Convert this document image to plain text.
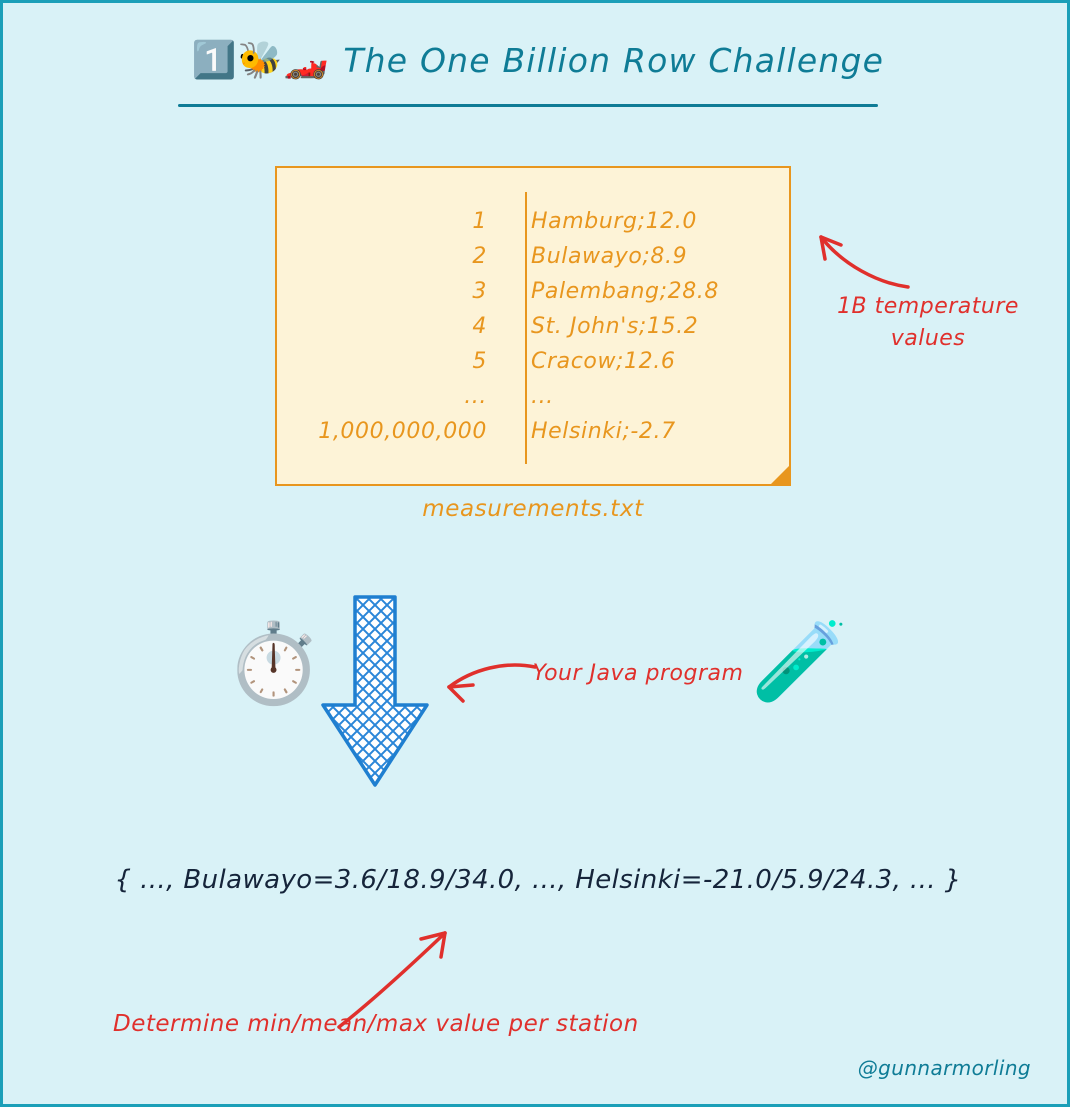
1️⃣🐝🏎️ The One Billion Row Challenge
1	Hamburg;12.0
2	Bulawayo;8.9
3	Palembang;28.8
4	St. John's;15.2
5	Cracow;12.6
...	...
1,000,000,000	Helsinki;-2.7
measurements.txt
1B temperature values
⏱️	Your Java program 🧪
{ ..., Bulawayo=3.6/18.9/34.0, ..., Helsinki=-21.0/5.9/24.3, ... }
Determine min/mean/max value per station
@gunnarmorling
